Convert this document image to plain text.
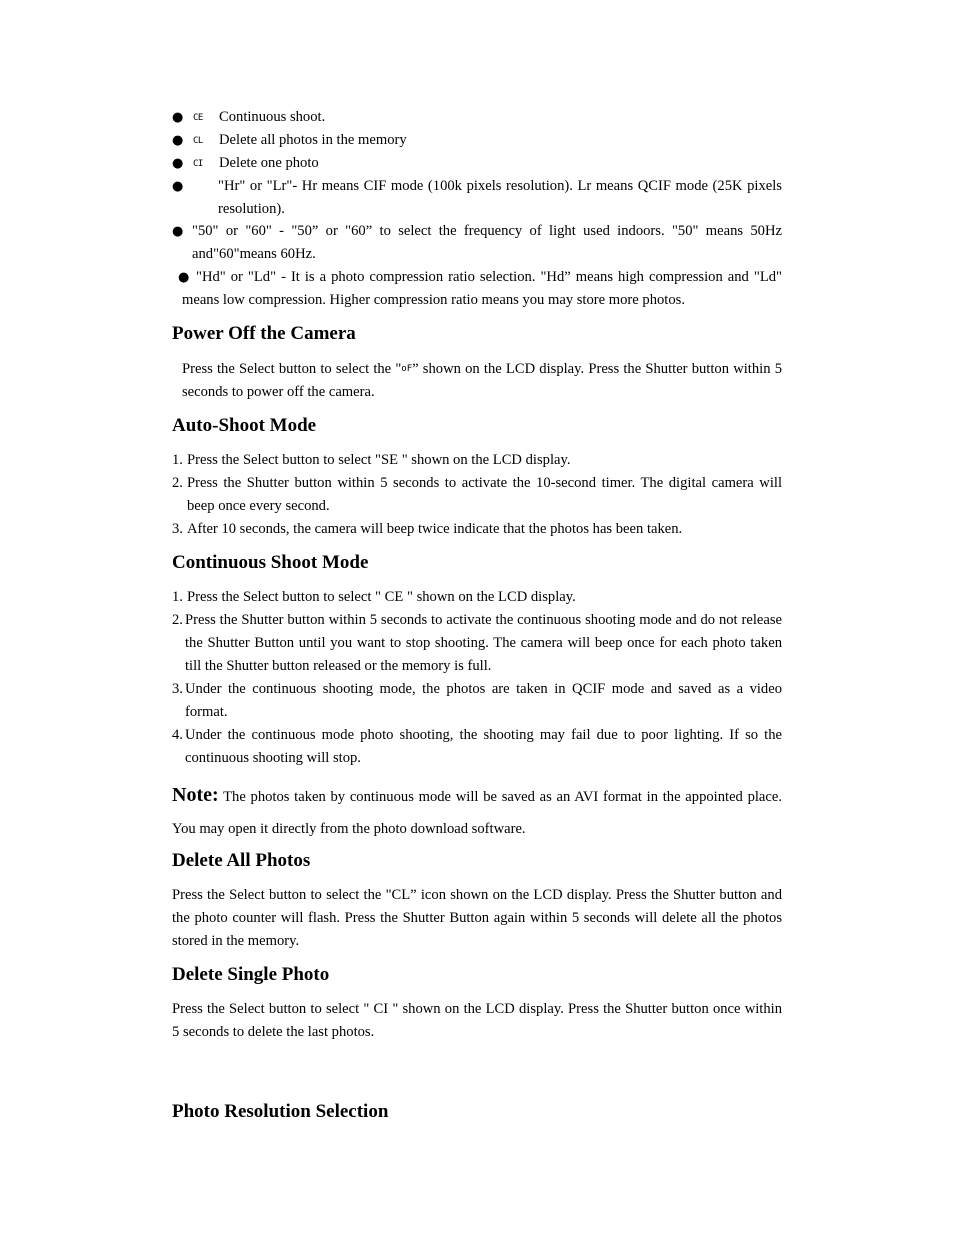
● CE Continuous shoot.
● CL Delete all photos in the memory
● CI Delete one photo
● "Hr" or "Lr"- Hr means CIF mode (100k pixels resolution). Lr means QCIF mode (25K pixels resolution).
● "50" or "60" - "50” or "60” to select the frequency of light used indoors. "50" means 50Hz and"60"means 60Hz.
● "Hd" or "Ld" - It is a photo compression ratio selection. "Hd” means high compression and "Ld" means low compression. Higher compression ratio means you may store more photos.
Power Off the Camera
Press the Select button to select the "oF” shown on the LCD display. Press the Shutter button within 5 seconds to power off the camera.
Auto-Shoot Mode
1. Press the Select button to select "SE " shown on the LCD display.
2. Press the Shutter button within 5 seconds to activate the 10-second timer. The digital camera will beep once every second.
3. After 10 seconds, the camera will beep twice indicate that the photos has been taken.
Continuous Shoot Mode
1. Press the Select button to select " CE " shown on the LCD display.
2. Press the Shutter button within 5 seconds to activate the continuous shooting mode and do not release the Shutter Button until you want to stop shooting. The camera will beep once for each photo taken till the Shutter button released or the memory is full.
3. Under the continuous shooting mode, the photos are taken in QCIF mode and saved as a video format.
4. Under the continuous mode photo shooting, the shooting may fail due to poor lighting. If so the continuous shooting will stop.
Note: The photos taken by continuous mode will be saved as an AVI format in the appointed place. You may open it directly from the photo download software.
Delete All Photos
Press the Select button to select the "CL” icon shown on the LCD display. Press the Shutter button and the photo counter will flash. Press the Shutter Button again within 5 seconds will delete all the photos stored in the memory.
Delete Single Photo
Press the Select button to select " CI " shown on the LCD display. Press the Shutter button once within 5 seconds to delete the last photos.
Photo Resolution Selection
